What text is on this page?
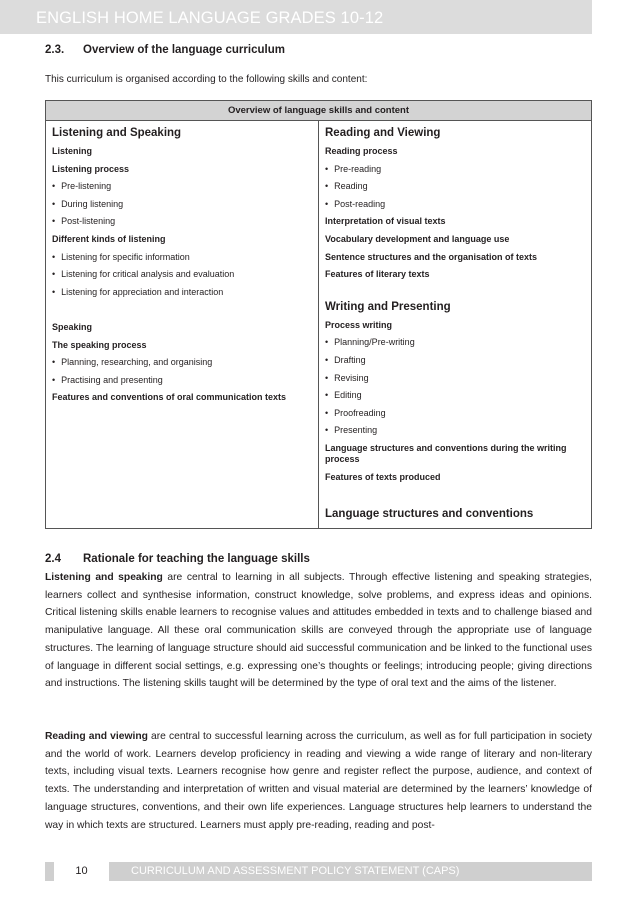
ENGLISH HOME LANGUAGE GRADES 10-12
2.3. Overview of the language curriculum
This curriculum is organised according to the following skills and content:
Overview of language skills and content
Listening and Speaking
Listening
Listening process
• Pre-listening
• During listening
• Post-listening
Different kinds of listening
• Listening for specific information
• Listening for critical analysis and evaluation
• Listening for appreciation and interaction
Speaking
The speaking process
• Planning, researching, and organising
• Practising and presenting
Features and conventions of oral communication texts
Reading and Viewing
Reading process
• Pre-reading
• Reading
• Post-reading
Interpretation of visual texts
Vocabulary development and language use
Sentence structures and the organisation of texts
Features of literary texts
Writing and Presenting
Process writing
• Planning/Pre-writing
• Drafting
• Revising
• Editing
• Proofreading
• Presenting
Language structures and conventions during the writing process
Features of texts produced
Language structures and conventions
2.4 Rationale for teaching the language skills

Listening and speaking are central to learning in all subjects. Through effective listening and speaking strategies, learners collect and synthesise information, construct knowledge, solve problems, and express ideas and opinions. Critical listening skills enable learners to recognise values and attitudes embedded in texts and to challenge biased and manipulative language. All these oral communication skills are conveyed through the appropriate use of language structures. The learning of language structure should aid successful communication and be linked to the functional uses of language in different social settings, e.g. expressing one’s thoughts or feelings; introducing people; giving directions and instructions. The listening skills taught will be determined by the type of oral text and the aims of the listener.

Reading and viewing are central to successful learning across the curriculum, as well as for full participation in society and the world of work. Learners develop proficiency in reading and viewing a wide range of literary and non-literary texts, including visual texts. Learners recognise how genre and register reflect the purpose, audience, and context of texts. The understanding and interpretation of written and visual material are determined by the learners’ knowledge of language structures, conventions, and their own life experiences. Language structures help learners to understand the way in which texts are structured. Learners must apply pre-reading, reading and post-

10	CURRICULUM AND ASSESSMENT POLICY STATEMENT (CAPS)
